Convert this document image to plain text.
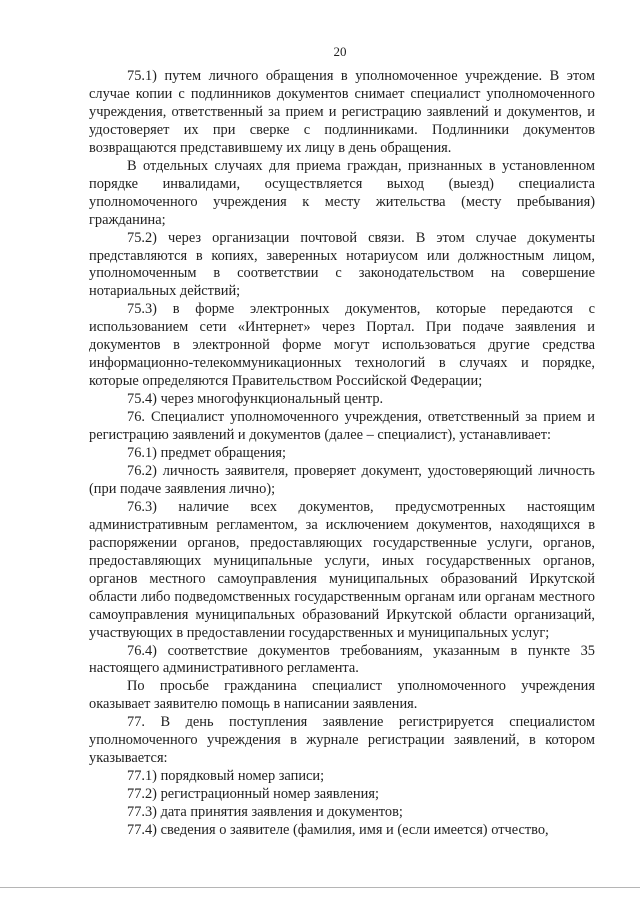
20

75.1) путем личного обращения в уполномоченное учреждение. В этом случае копии с подлинников документов снимает специалист уполномоченного учреждения, ответственный за прием и регистрацию заявлений и документов, и удостоверяет их при сверке с подлинниками. Подлинники документов возвращаются представившему их лицу в день обращения.

В отдельных случаях для приема граждан, признанных в установленном порядке инвалидами, осуществляется выход (выезд) специалиста уполномоченного учреждения к месту жительства (месту пребывания) гражданина;

75.2) через организации почтовой связи. В этом случае документы представляются в копиях, заверенных нотариусом или должностным лицом, уполномоченным в соответствии с законодательством на совершение нотариальных действий;

75.3) в форме электронных документов, которые передаются с использованием сети «Интернет» через Портал. При подаче заявления и документов в электронной форме могут использоваться другие средства информационно-телекоммуникационных технологий в случаях и порядке, которые определяются Правительством Российской Федерации;

75.4) через многофункциональный центр.

76. Специалист уполномоченного учреждения, ответственный за прием и регистрацию заявлений и документов (далее – специалист), устанавливает:

76.1) предмет обращения;

76.2) личность заявителя, проверяет документ, удостоверяющий личность (при подаче заявления лично);

76.3) наличие всех документов, предусмотренных настоящим административным регламентом, за исключением документов, находящихся в распоряжении органов, предоставляющих государственные услуги, органов, предоставляющих муниципальные услуги, иных государственных органов, органов местного самоуправления муниципальных образований Иркутской области либо подведомственных государственным органам или органам местного самоуправления муниципальных образований Иркутской области организаций, участвующих в предоставлении государственных и муниципальных услуг;

76.4) соответствие документов требованиям, указанным в пункте 35 настоящего административного регламента.

По просьбе гражданина специалист уполномоченного учреждения оказывает заявителю помощь в написании заявления.

77. В день поступления заявление регистрируется специалистом уполномоченного учреждения в журнале регистрации заявлений, в котором указывается:

77.1) порядковый номер записи;

77.2) регистрационный номер заявления;

77.3) дата принятия заявления и документов;

77.4) сведения о заявителе (фамилия, имя и (если имеется) отчество,
